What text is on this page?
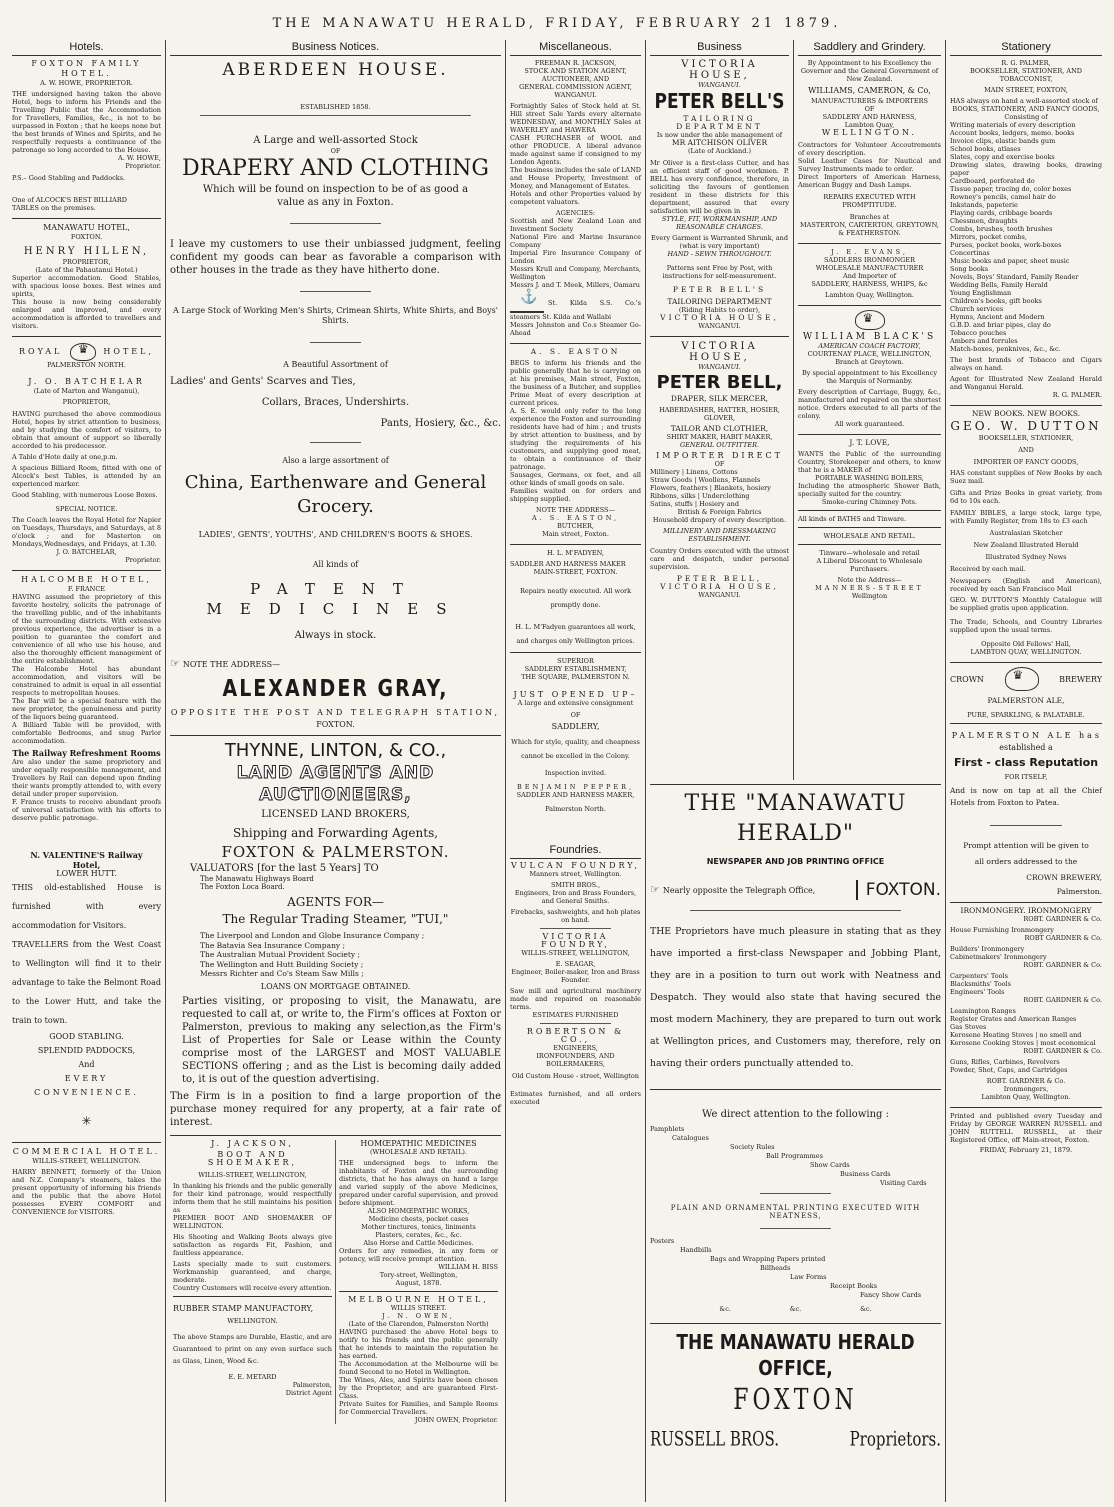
THE MANAWATU HERALD, FRIDAY, FEBRUARY 21 1879.
Hotels.
FOXTON FAMILY HOTEL.
A. W. HOWE, PROPRIETOR.
THE undersigned having taken the above Hotel, begs to inform his Friends and the Travelling Public that the Accommodation for Travellers, Families, &c., is not to be surpassed in Foxton ; that he keeps none but the best brands of Wines and Spirits, and he respectfully requests a continuance of the patronage so long accorded to the House.
A. W. HOWE,
Proprietor.
P.S.– Good Stabling and Paddocks.
One of ALCOCK'S BEST BILLIARD
TABLES on the premises.
MANAWATU HOTEL,
FOXTON.
HENRY HILLEN,
PROPRIETOR,
(Late of the Pahautanui Hotel.)
Superior accommodation. Good Stables, with spacious loose boxes. Best wines and spirits,
This house is now being considerably enlarged and improved, and every accommodation is afforded to travellers and visitors.
ROYAL ♛	HOTEL,
PALMERSTON NORTH.
J. O. BATCHELAR
(Late of Marton and Wanganui),
PROPRIETOR,
HAVING purchased the above commodious Hotel, hopes by strict attention to business, and by studying the comfort of visitors, to obtain that amount of support so liberally accorded to his predecessor.
A Table d'Hote daily at one,p.m.
A spacious Billiard Room, fitted with one of Alcock's best Tables, is attended by an experienced marker.
Good Stabling, with numerous Loose Boxes.
SPECIAL NOTICE.
The Coach leaves the Royal Hotel for Napier on Tuesdays, Thursdays, and Saturdays, at 8 o'clock ; and for Masterton on Mondays,Wednesdays, and Fridays, at 1.30.
J. O. BATCHELAR,
Proprietor.
HALCOMBE HOTEL,
F. FRANCE
HAVING assumed the proprietory of this favorite hostelry, solicits the patronage of the travelling public, and of the inhabitants of the surrounding districts. With extensive previous experience, the advertiser is in a position to guarantee the comfort and convenience of all who use his house, and also the thoroughly efficient management of the entire establishment.
The Halcombe Hotel has abundant accommodation, and visitors will be constrained to admit is equal in all essential respects to metropolitan houses.
The Bar will be a special feature with the new proprietor, the genuineness and purity of the liquors being guaranteed.
A Billiard Table will be provided, with comfortable Bedrooms, and snug Parlor accommodation.
The Railway Refreshment Rooms
Are also under the same proprietory and under equally responsible management, and Travellers by Rail can depend upon finding their wants promptly attended to, with every detail under proper supervision.
F. France trusts to receive abundant proofs of universal satisfaction with his efforts to deserve public patronage.
N. VALENTINE'S Railway
Hotel,
LOWER HUTT.
THIS old-established House is furnished with every accommodation for Visitors.
TRAVELLERS from the West Coast to Wellington will find it to their advantage to take the Belmont Road to the Lower Hutt, and take the train to town.
GOOD STABLING.
SPLENDID PADDOCKS,
And
EVERY CONVENIENCE.
✳
COMMERCIAL HOTEL.
WILLIS-STREET, WELLINGTON.
HARRY BENNETT, formerly of the Union and N.Z. Company's steamers, takes the present opportunity of informing his friends and the public that the above Hotel possesses EVERY COMFORT and CONVENIENCE for VISITORS.
Business Notices.
ABERDEEN HOUSE.
ESTABLISHED 1858.
A Large and well-assorted Stock
OF
DRAPERY AND CLOTHING
Which will be found on inspection to be of as good a value as any in Foxton.
I leave my customers to use their unbiassed judgment, feeling confident my goods can bear as favorable a comparison with other houses in the trade as they have hitherto done.
A Large Stock of Working Men's Shirts, Crimean Shirts, White Shirts, and Boys' Shirts.
A Beautiful Assortment of
Ladies' and Gents' Scarves and Ties,
Collars, Braces, Undershirts.
Pants, Hosiery, &c., &c.
Also a large assortment of
China, Earthenware and General Grocery.
LADIES', GENTS', YOUTHS', AND CHILDREN'S BOOTS & SHOES.
All kinds of
PATENT MEDICINES
Always in stock.
☞ NOTE THE ADDRESS—
ALEXANDER GRAY,
OPPOSITE THE POST AND TELEGRAPH STATION,
FOXTON.
THYNNE, LINTON, & CO.,
LAND AGENTS AND AUCTIONEERS,
LICENSED LAND BROKERS,
Shipping and Forwarding Agents,
FOXTON & PALMERSTON.
VALUATORS [for the last 5 Years] TO
The Manawatu Highways Board
The Foxton Loca Board.
AGENTS FOR—
The Regular Trading Steamer, "TUI,"
The Liverpool and London and Globe Insurance Company ;
The Batavia Sea Insurance Company ;
The Australian Mutual Provident Society ;
The Wellington and Hutt Building Society ;
Messrs Richter and Co's Steam Saw Mills ;
LOANS ON MORTGAGE OBTAINED.
Parties visiting, or proposing to visit, the Manawatu, are requested to call at, or write to, the Firm's offices at Foxton or Palmerston, previous to making any selection,as the Firm's List of Properties for Sale or Lease within the County comprise most of the LARGEST and MOST VALUABLE SECTIONS offering ; and as the List is becoming daily added to, it is out of the question advertising.
The Firm is in a position to find a large proportion of the purchase money required for any property, at a fair rate of interest.
J. JACKSON,
BOOT AND SHOEMAKER,
WILLIS-STREET, WELLINGTON,
In thanking his friends and the public generally for their kind patronage, would respectfully inform them that he still maintains his position as
PREMIER BOOT AND SHOEMAKER OF WELLINGTON.
His Shooting and Walking Boots always give satisfaction as regards Fit, Fashion, and faultless appearance.
Lasts specially made to suit customers. Workmanship guaranteed, and charge, moderate.
Country Customers will receive every attention.
RUBBER STAMP MANUFACTORY,
WELLINGTON.
The above Stamps are Durable, Elastic, and are Guaranteed to print on any even surface such as Glass, Linen, Wood &c.
E. E. METARD
Palmerston,
District Agent
HOMŒPATHIC MEDICINES
(WHOLESALE AND RETAIL).
THE undersigned begs to inform the inhabitants of Foxton and the surrounding districts, that he has always on hand a large and varied supply of the above Medicines, prepared under careful supervision, and proved before shipment.
ALSO HOMŒPATHIC WORKS,
Medicine chests, pocket cases
Mother tinctures, tonics, liniments
Plasters, cerates, &c., &c.
Also Horse and Cattle Medicines.
Orders for any remedies, in any form or potency, will receive prompt attention.
WILLIAM H. BISS
Tory-street, Wellington,
August, 1878.
MELBOURNE HOTEL,
WILLIS STREET.
J. N. OWEN,
(Late of the Clarendon, Palmerston North)
HAVING purchased the above Hotel begs to notify to his friends and the public generally that he intends to maintain the reputation he has earned.
The Accommodation at the Melbourne will be found Second to no Hotel in Wellington.
The Wines, Ales, and Spirits have been chosen by the Proprietor, and are guaranteed First-Class.
Private Suites for Families, and Sample Rooms for Commercial Travellers.
JOHN OWEN, Proprietor.
Miscellaneous.
FREEMAN R. JACKSON,
STOCK AND STATION AGENT,
AUCTIONEER, AND
GENERAL COMMISSION AGENT,
WANGANUI.
Fortnightly Sales of Stock held at St. Hill street Sale Yards every alternate WEDNESDAY, and MONTHLY Sales at WAVERLEY and HAWERA
CASH PURCHASER of WOOL and other PRODUCE. A liberal advance made against same if consigned to my London Agents.
The business includes the sale of LAND and House Property, Investment of Money, and Management of Estates.
Hotels and other Properties valued by competent valuators.
AGENCIES:
Scottish and New Zealand Loan and Investment Society
National Fire and Marine Insurance Company
Imperial Fire Insurance Company of London
Messrs Krull and Company, Merchants, Wellington
Messrs J. and T. Meek, Millers, Oamaru
⚓St. Kilda S.S. Co.'s steamers St. Kilda and Wallabi
Messrs Johnston and Co.s Steamer Go-Ahead
A. S. EASTON
BEGS to inform his friends and the public generally that he is carrying on at his premises, Main street, Foxton, the business of a Butcher, and supplies Prime Meat of every description at current prices.
A. S. E. would only refer to the long experience the Foxton and surrounding residents have had of him ; and trusts by strict attention to business, and by studying the requirements of his customers, and supplying good meat, to obtain a continuance of their patronage.
Sausages, Germans, ox feet, and all other kinds of small goods on sale.
Families waited on for orders and shipping supplied.
NOTE THE ADDRESS—
A. S. EASTON,
BUTCHER,
Main street, Foxton.
H. L. M'FADYEN,
SADDLER AND HARNESS MAKER
MAIN-STREET, FOXTON.
Repairs neatly executed. All work promptly done.
H. L. M'Fadyen guarantees all work, and charges only Wellington prices.
SUPERIOR
SADDLERY ESTABLISHMENT,
THE SQUARE, PALMERSTON N.
JUST OPENED UP–
A large and extensive consignment
OF
SADDLERY,
Which for style, quality, and cheapness cannot be excelled in the Colony.
Inspection invited.
BENJAMIN PEPPER,
SADDLER AND HARNESS MAKER,
Palmerston North.
Foundries.
VULCAN FOUNDRY,
Manners street, Wellington.
SMITH BROS.,
Engineers, Iron and Brass Founders, and General Smiths.
Firebacks, sashweights, and hob plates on hand.
VICTORIA FOUNDRY,
WILLIS-STREET, WELLINGTON,
E. SEAGAR,
Engineer, Boiler-maker, Iron and Brass Founder.
Saw mill and agricultural machinery made and repaired on reasonable terms.
ESTIMATES FURNISHED
ROBERTSON & CO.,
ENGINEERS,
IRONFOUNDERS, AND BOILERMAKERS,
Old Custom House - street, Wellington
Estimates furnished, and all orders executed
Business
VICTORIA HOUSE,
WANGANUI.
PETER BELL'S
TAILORING DEPARTMENT
Is now under the able management of
MR AITCHISON OLIVER
(Late of Auckland.)
Mr Oliver is a first-class Cutter, and has an efficient staff of good workmen. P. BELL has every confidence, therefore, in soliciting the favours of gentlemen resident in these districts for this department, assured that every satisfaction will be given in
STYLE, FIT, WORKMANSHIP, AND REASONABLE CHARGES.
Every Garment is Warranted Shrunk, and (what is very important)
HAND - SEWN THROUGHOUT.
Patterns sent Free by Post, with instructions for self-measurement.
PETER BELL'S
TAILORING DEPARTMENT
(Riding Habits to order),
VICTORIA HOUSE,
WANGANUI.
VICTORIA HOUSE,
WANGANUI.
PETER BELL,
DRAPER, SILK MERCER,
HABERDASHER, HATTER, HOSIER, GLOVER,
TAILOR AND CLOTHIER,
SHIRT MAKER, HABIT MAKER,
GENERAL OUTFITTER.
IMPORTER DIRECT
OF
Millinery | Linens, Cottons
Straw Goods | Woollens, Flannels
Flowers, feathers | Blankets, hosiery
Ribbons, silks | Underclothing
Satins, stuffs | Hosiery and
British & Foreign Fabrics
Household drapery of every description.
MILLINERY AND DRESSMAKING ESTABLISHMENT.
Country Orders executed with the utmost care and despatch, under personal supervision.
PETER BELL,
VICTORIA HOUSE,
WANGANUI.
Saddlery and Grindery.
By Appointment to his Excellency the Governor and the General Government of New Zealand.
WILLIAMS, CAMERON, & Co,
MANUFACTURERS & IMPORTERS
OF
SADDLERY AND HARNESS,
Lambton Quay,
WELLINGTON.
Contractors for Volunteer Accoutrements of every description.
Solid Leather Cases for Nautical and Survey Instruments made to order.
Direct Importers of American Harness, American Buggy and Dash Lamps.
REPAIRS EXECUTED WITH PROMPTITUDE.
Branches at
MASTERTON, CARTERTON, GREYTOWN, & FEATHERSTON.
J. E. EVANS,
SADDLERS IRONMONGER
WHOLESALE MANUFACTURER
And Importer of
SADDLERY, HARNESS, WHIPS, &c
Lambton Quay, Wellington.
♛
WILLIAM BLACK'S
AMERICAN COACH FACTORY,
COURTENAY PLACE, WELLINGTON,
Branch at Greytown.
By special appointment to his Excellency the Marquis of Normanby.
Every description of Carriage, Buggy, &c., manufactured and repaired on the shortest notice. Orders executed to all parts of the colony.
All work guaranteed.
J. T. LOVE,
WANTS the Public of the surrounding Country, Storekeeper and others, to know that he is a MAKER of
PORTABLE WASHING BOILERS,
Including the atmospheric Shower Bath, specially suited for the country.
Smoke-curing Chimney Pots.
All kinds of BATHS and Tinware.
WHOLESALE AND RETAIL.
Tinware—wholesale and retail
A Liberal Discount to Wholesale Purchasers.
Note the Address—
MANNERS-STREET
Wellington
THE "MANAWATU HERALD"
NEWSPAPER AND JOB PRINTING OFFICE
☞ Nearly opposite the Telegraph Office,	FOXTON.
THE Proprietors have much pleasure in stating that as they have imported a first-class Newspaper and Jobbing Plant, they are in a position to turn out work with Neatness and Despatch. They would also state that having secured the most modern Machinery, they are prepared to turn out work at Wellington prices, and Customers may, therefore, rely on having their orders punctually attended to.
We direct attention to the following :
Pamphlets
Catalogues
Society Rules
Ball Programmes
Show Cards
Business Cards
Visiting Cards
PLAIN AND ORNAMENTAL PRINTING EXECUTED WITH NEATNESS,
Posters
Handbills
Bags and Wrapping Papers printed
Billheads
Law Forms
Receipt Books
Fancy Show Cards
&c.	&c.	&c.
THE MANAWATU HERALD OFFICE,
FOXTON
RUSSELL BROS.	Proprietors.
Stationery
R. G. PALMER,
BOOKSELLER, STATIONER, AND TOBACCONIST,
MAIN STREET, FOXTON,
HAS always on hand a well-assorted stock of
BOOKS, STATIONERY, AND FANCY GOODS,
Consisting of
Writing materials of every description
Account books, ledgers, memo. books
Invoice clips, elastic bands gum
School books, atlases
Slates, copy and exercise books
Drawing slates, drawing books, drawing paper
Cardboard, perforated do
Tissue paper, tracing do, color boxes
Rowney's pencils, camel hair do
Inkstands, papeterie
Playing cards, cribbage boards
Chessmen, draughts
Combs, brushes, tooth brushes
Mirrors, pocket combs,
Purses, pocket books, work-boxes
Concertinas
Music books and paper, sheet music
Song books
Novels, Boys' Standard, Family Reader
Wedding Bells, Family Herald
Young Englishman
Children's books, gift books
Church services
Hymns, Ancient and Modern
G.B.D. and briar pipes, clay do
Tobacco pouches
Ambers and ferrules
Match-boxes, penknives, &c., &c.
The best brands of Tobacco and Cigars always on hand.
Agent for Illustrated New Zealand Herald and Wanganui Herald.
R. G. PALMER.
NEW BOOKS. NEW BOOKS.
GEO. W. DUTTON
BOOKSELLER, STATIONER,
AND
IMPORTER OF FANCY GOODS,
HAS constant supplies of New Books by each Suez mail.
Gifts and Prize Books in great variety, from 6d to 10s each.
FAMILY BIBLES, a large stock, large type, with Family Register, from 18s to £3 each
Australasian Sketcher
New Zealand Illustrated Herald
Illustrated Sydney News
Received by each mail.
Newspapers (English and American), received by each San Francisco Mail
GEO. W. DUTTON'S Monthly Catalogue will be supplied gratis upon application.
The Trade, Schools, and Country Libraries supplied upon the usual terms.
Opposite Old Fellows' Hall,
LAMBTON QUAY, WELLINGTON.
CROWN ♛	BREWERY
PALMERSTON ALE,
PURE, SPARKLING, & PALATABLE.
PALMERSTON ALE has
established a
First - class Reputation
FOR ITSELF,
And is now on tap at all the Chief Hotels from Foxton to Patea.
Prompt attention will be given to
all orders addressed to the
CROWN BREWERY,
Palmerston.
IRONMONGERY. IRONMONGERY
ROBT. GARDNER & Co.
House Furnishing Ironmongery
ROBT GARDNER & Co.
Builders' Ironmongery
Cabinetmakers' Ironmongery
ROBT. GARDNER & Co.
Carpenters' Tools
Blacksmiths' Tools
Engineers' Tools
ROBT. GARDNER & Co.
Leamington Ranges
Register Grates and American Ranges
Gas Stoves
Kerosene Heating Stoves | no smell and
Kerosene Cooking Stoves | most economical
ROBT. GARDNER & Co.
Guns, Rifles, Carbines, Revolvers
Powder, Shot, Caps, and Cartridges
ROBT. GARDNER & Co.
Ironmongers,
Lambton Quay, Wellington.
Printed and published every Tuesday and Friday by GEORGE WARREN RUSSELL and JOHN RUTTELL RUSSELL, at their Registered Office, off Main-street, Foxton.
FRIDAY, February 21, 1879.
